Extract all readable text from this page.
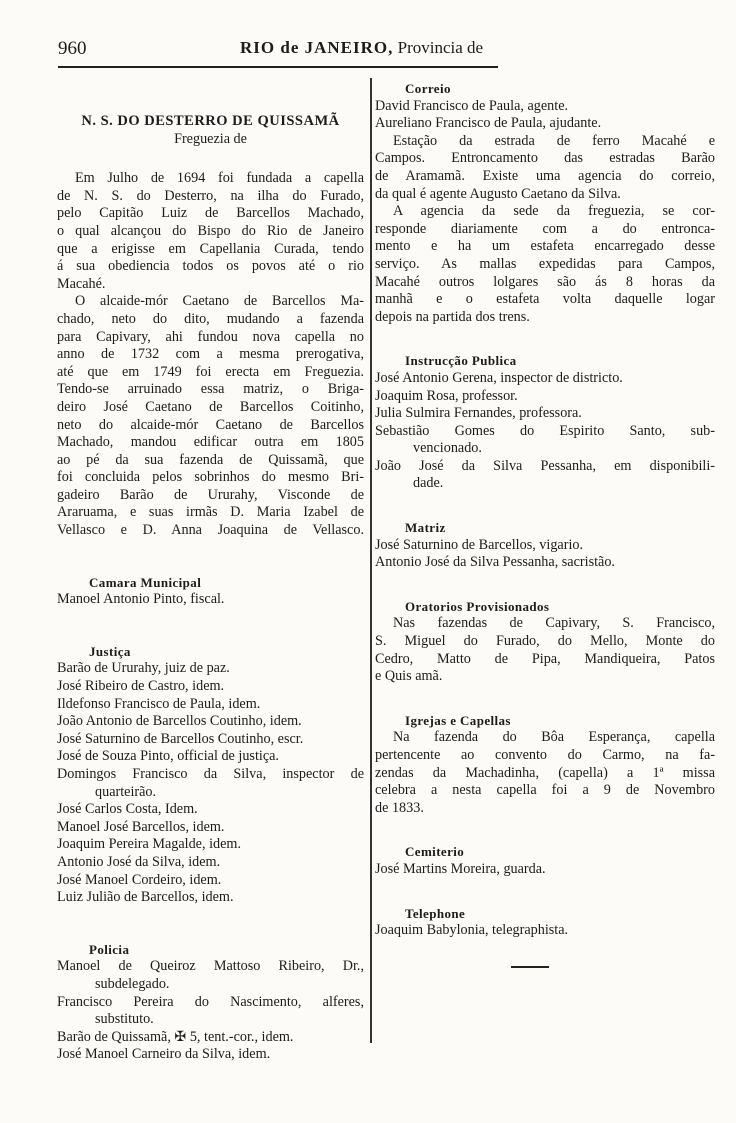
960	RIO de JANEIRO, Provincia de

N. S. DO DESTERRO DE QUISSAMÃ

Freguezia de

Em Julho de 1694 foi fundada a capella
de N. S. do Desterro, na ilha do Furado,
pelo Capitão Luiz de Barcellos Machado,
o qual alcançou do Bispo do Rio de Janeiro
que a erigisse em Capellania Curada, tendo
á sua obediencia todos os povos até o rio
Macahé.
O alcaide-mór Caetano de Barcellos Ma-
chado, neto do dito, mudando a fazenda
para Capivary, ahi fundou nova capella no
anno de 1732 com a mesma prerogativa,
até que em 1749 foi erecta em Freguezia.
Tendo-se arruinado essa matriz, o Briga-
deiro José Caetano de Barcellos Coitinho,
neto do alcaide-mór Caetano de Barcellos
Machado, mandou edificar outra em 1805
ao pé da sua fazenda de Quissamã, que
foi concluida pelos sobrinhos do mesmo Bri-
gadeiro Barão de Ururahy, Visconde de
Araruama, e suas irmãs D. Maria Izabel de
Vellasco e D. Anna Joaquina de Vellasco.

Camara Municipal

Manoel Antonio Pinto, fiscal.

Justiça

Barão de Ururahy, juiz de paz.

José Ribeiro de Castro, idem.

Ildefonso Francisco de Paula, idem.

João Antonio de Barcellos Coutinho, idem.

José Saturnino de Barcellos Coutinho, escr.

José de Souza Pinto, official de justiça.

Domingos Francisco da Silva, inspector de
quarteirão.

José Carlos Costa, Idem.

Manoel José Barcellos, idem.

Joaquim Pereira Magalde, idem.

Antonio José da Silva, idem.

José Manoel Cordeiro, idem.

Luiz Julião de Barcellos, idem.

Policia

Manoel de Queiroz Mattoso Ribeiro, Dr.,
subdelegado.
Francisco Pereira do Nascimento, alferes,
substituto.

Barão de Quissamã, ✠ 5, tent.-cor., idem.

José Manoel Carneiro da Silva, idem.

Correio

David Francisco de Paula, agente.

Aureliano Francisco de Paula, ajudante.

Estação da estrada de ferro Macahé e
Campos. Entroncamento das estradas Barão
de Aramamã. Existe uma agencia do correio,
da qual é agente Augusto Caetano da Silva.
A agencia da sede da freguezia, se cor-
responde diariamente com a do entronca-
mento e ha um estafeta encarregado desse
serviço. As mallas expedidas para Campos,
Macahé outros lolgares são ás 8 horas da
manhã e o estafeta volta daquelle logar
depois na partida dos trens.

Instrucção Publica

José Antonio Gerena, inspector de districto.

Joaquim Rosa, professor.

Julia Sulmira Fernandes, professora.

Sebastião Gomes do Espirito Santo, sub-
vencionado.
João José da Silva Pessanha, em disponibili-
dade.

Matriz

José Saturnino de Barcellos, vigario.

Antonio José da Silva Pessanha, sacristão.

Oratorios Provisionados

Nas fazendas de Capivary, S. Francisco,
S. Miguel do Furado, do Mello, Monte do
Cedro, Matto de Pipa, Mandiqueira, Patos
e Quis amã.

Igrejas e Capellas

Na fazenda do Bôa Esperança, capella
pertencente ao convento do Carmo, na fa-
zendas da Machadinha, (capella) a 1ª missa
celebra a nesta capella foi a 9 de Novembro
de 1833.

Cemiterio

José Martins Moreira, guarda.

Telephone

Joaquim Babylonia, telegraphista.
